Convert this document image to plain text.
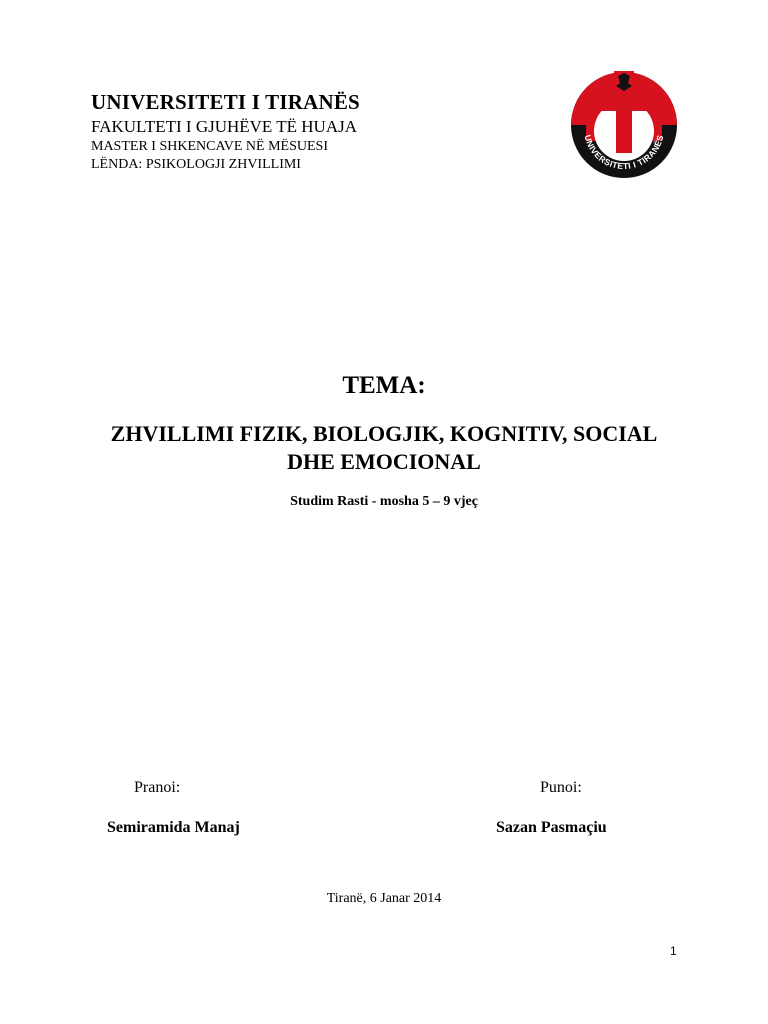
UNIVERSITETI I TIRANËS

FAKULTETI I GJUHËVE TË HUAJA

MASTER I SHKENCAVE NË MËSUESI

LËNDA: PSIKOLOGJI ZHVILLIMI

UNIVERSITETI I TIRANËS

TEMA:

ZHVILLIMI FIZIK, BIOLOGJIK, KOGNITIV, SOCIAL
DHE EMOCIONAL

Studim Rasti - mosha 5 – 9 vjeç

Pranoi:	Punoi:

Semiramida Manaj	Sazan Pasmaçiu

Tiranë, 6 Janar 2014

1
